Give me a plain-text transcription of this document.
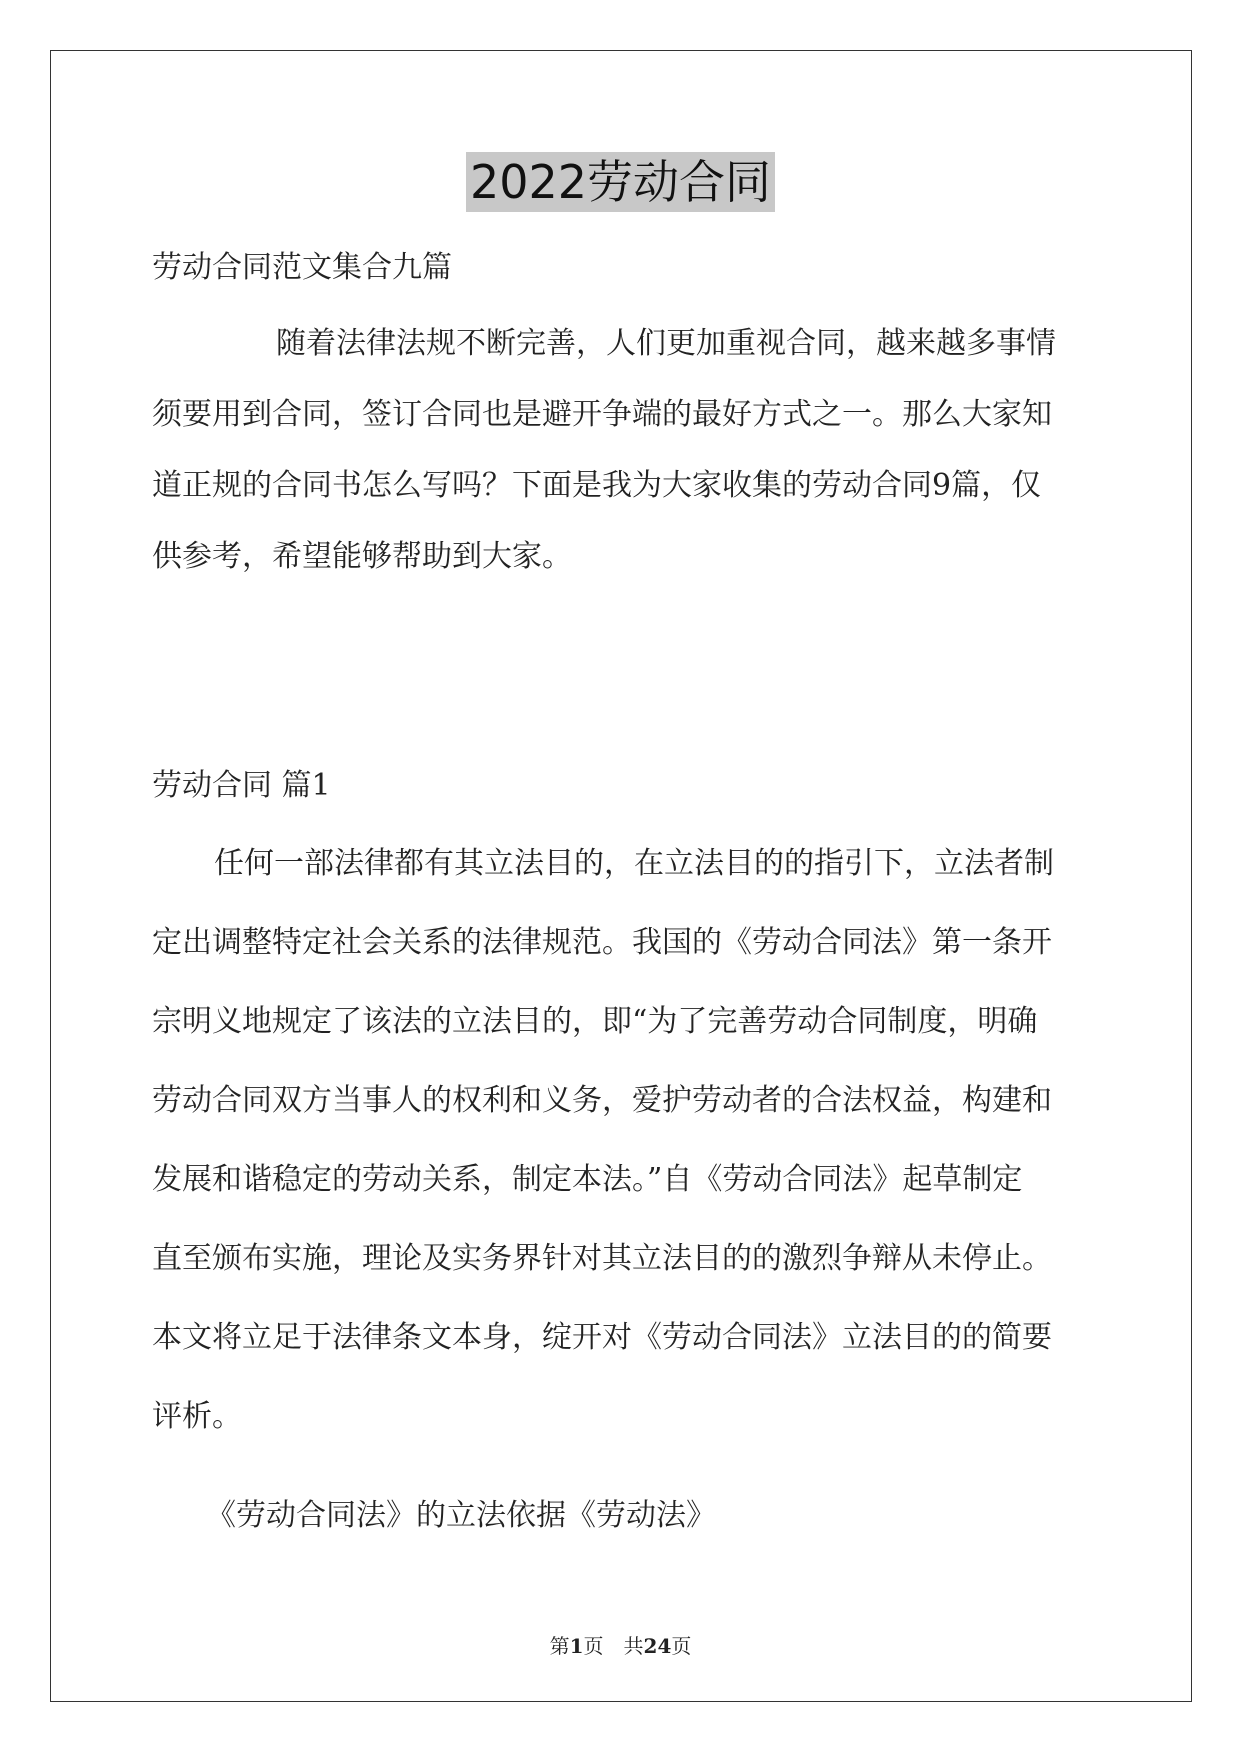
2022劳动合同
劳动合同范文集合九篇
随着法律法规不断完善，人们更加重视合同，越来越多事情
须要用到合同，签订合同也是避开争端的最好方式之一。那么大家知
道正规的合同书怎么写吗？下面是我为大家收集的劳动合同9篇，仅
供参考，希望能够帮助到大家。
劳动合同 篇1
任何一部法律都有其立法目的，在立法目的的指引下，立法者制
定出调整特定社会关系的法律规范。我国的《劳动合同法》第一条开
宗明义地规定了该法的立法目的，即“为了完善劳动合同制度，明确
劳动合同双方当事人的权利和义务，爱护劳动者的合法权益，构建和
发展和谐稳定的劳动关系，制定本法。”自《劳动合同法》起草制定
直至颁布实施，理论及实务界针对其立法目的的激烈争辩从未停止。
本文将立足于法律条文本身，绽开对《劳动合同法》立法目的的简要
评析。
《劳动合同法》的立法依据《劳动法》
第1页 共24页
